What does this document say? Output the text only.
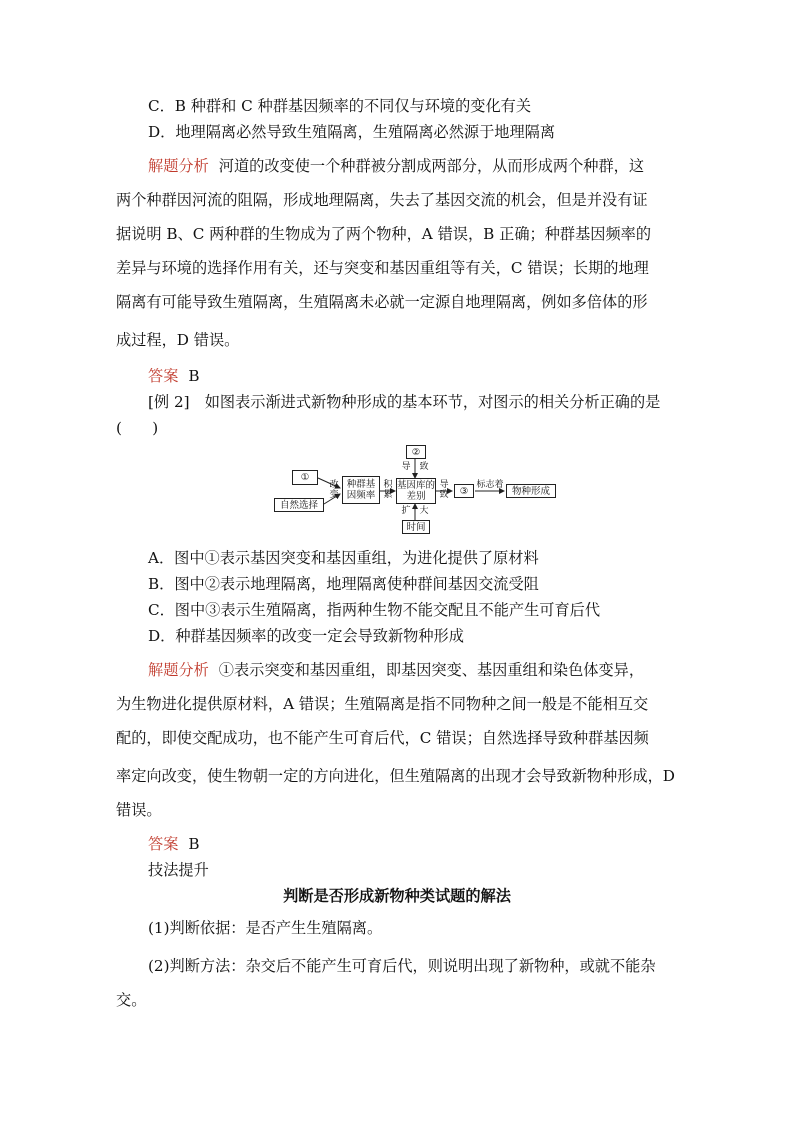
C．B 种群和 C 种群基因频率的不同仅与环境的变化有关
D．地理隔离必然导致生殖隔离，生殖隔离必然源于地理隔离
解题分析 河道的改变使一个种群被分割成两部分，从而形成两个种群，这
两个种群因河流的阻隔，形成地理隔离，失去了基因交流的机会，但是并没有证
据说明 B、C 两种群的生物成为了两个物种，A 错误，B 正确；种群基因频率的
差异与环境的选择作用有关，还与突变和基因重组等有关，C 错误；长期的地理
隔离有可能导致生殖隔离，生殖隔离未必就一定源自地理隔离，例如多倍体的形
成过程，D 错误。
答案 B
[例 2]　如图表示渐进式新物种形成的基本环节，对图示的相关分析正确的是
(　　)
①
自然选择
改变
种群基因频率
积累
基因库的差别
②
导　致
扩　大
时间
导致	③
标志着
物种形成
A．图中①表示基因突变和基因重组，为进化提供了原材料
B．图中②表示地理隔离，地理隔离使种群间基因交流受阻
C．图中③表示生殖隔离，指两种生物不能交配且不能产生可育后代
D．种群基因频率的改变一定会导致新物种形成
解题分析 ①表示突变和基因重组，即基因突变、基因重组和染色体变异，
为生物进化提供原材料，A 错误；生殖隔离是指不同物种之间一般是不能相互交
配的，即使交配成功，也不能产生可育后代，C 错误；自然选择导致种群基因频
率定向改变，使生物朝一定的方向进化，但生殖隔离的出现才会导致新物种形成，D
错误。
答案 B
技法提升
判断是否形成新物种类试题的解法
(1)判断依据：是否产生生殖隔离。
(2)判断方法：杂交后不能产生可育后代，则说明出现了新物种，或就不能杂
交。
